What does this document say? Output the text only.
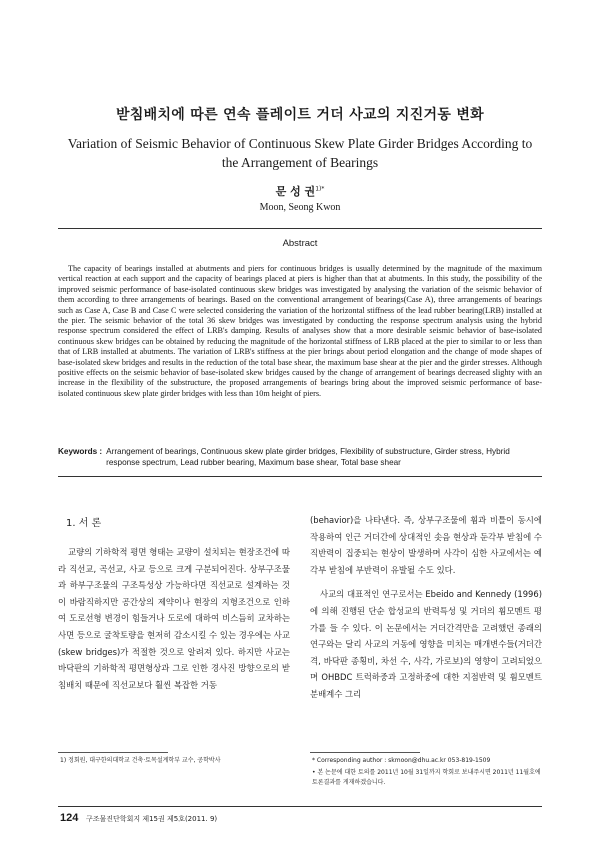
받침배치에 따른 연속 플레이트 거더 사교의 지진거동 변화
Variation of Seismic Behavior of Continuous Skew Plate Girder Bridges According to the Arrangement of Bearings
문 성 권$^{1)*}$
Moon, Seong Kwon
Abstract
The capacity of bearings installed at abutments and piers for continuous bridges is usually determined by the magnitude of the maximum vertical reaction at each support and the capacity of bearings placed at piers is higher than that at abutments. In this study, the possibility of the improved seismic performance of base-isolated continuous skew bridges was investigated by analysing the variation of the seismic behavior of them according to three arrangements of bearings. Based on the conventional arrangement of bearings(Case A), three arrangements of bearings such as Case A, Case B and Case C were selected considering the variation of the horizontal stiffness of the lead rubber bearing(LRB) installed at the pier. The seismic behavior of the total 36 skew bridges was investigated by conducting the response spectrum analysis using the hybrid response spectrum considered the effect of LRB's damping. Results of analyses show that a more desirable seismic behavior of base-isolated continuous skew bridges can be obtained by reducing the magnitude of the horizontal stiffness of LRB placed at the pier to similar to or less than that of LRB installed at abutments. The variation of LRB's stiffness at the pier brings about period elongation and the change of mode shapes of base-isolated skew bridges and results in the reduction of the total base shear, the maximum base shear at the pier and the girder stresses. Although positive effects on the seismic behavior of base-isolated skew bridges caused by the change of arrangement of bearings decreased slighty with an increase in the flexibility of the substructure, the proposed arrangements of bearings bring about the improved seismic performance of base-isolated continuous skew plate girder bridges with less than 10m height of piers.
Keywords : Arrangement of bearings, Continuous skew plate girder bridges, Flexibility of substructure, Girder stress, Hybrid response spectrum, Lead rubber bearing, Maximum base shear, Total base shear
1. 서 론

교량의 기하학적 평면 형태는 교량이 설치되는 현장조건에 따라 직선교, 곡선교, 사교 등으로 크게 구분되어진다. 상부구조물과 하부구조물의 구조특성상 가능하다면 직선교로 설계하는 것이 바람직하지만 공간상의 제약이나 현장의 지형조건으로 인하여 도로선형 변경이 힘들거나 도로에 대하여 비스듬히 교차하는 사면 등으로 굴착토량을 현저히 감소시킬 수 있는 경우에는 사교(skew bridges)가 적절한 것으로 알려져 있다. 하지만 사교는 바닥판의 기하학적 평면형상과 그로 인한 경사진 방향으로의 받침배치 때문에 직선교보다 훨씬 복잡한 거동

(behavior)을 나타낸다. 즉, 상부구조물에 휨과 비틀이 동시에 작용하여 인근 거더간에 상대적인 솟음 현상과 둔각부 받침에 수직반력이 집중되는 현상이 발생하며 사각이 심한 사교에서는 예각부 받침에 부반력이 유발될 수도 있다.

사교의 대표적인 연구로서는 Ebeido and Kennedy (1996)에 의해 진행된 단순 합성교의 반력특성 및 거더의 휨모멘트 평가를 들 수 있다. 이 논문에서는 거더간격만을 고려했던 종래의 연구와는 달리 사교의 거동에 영향을 미치는 매개변수들(거더간격, 바닥판 종횡비, 차선 수, 사각, 가로보)의 영향이 고려되었으며 OHBDC 트럭하중과 고정하중에 대한 지점반력 및 휨모멘트 분배계수 그리

1) 정회원, 대구한의대학교 건축·토목설계학부 교수, 공학박사	* Corresponding author : skmoon@dhu.ac.kr 053-819-1509
• 본 논문에 대한 토의를 2011년 10월 31일까지 학회로 보내주시면 2011년 11월호에 토론결과를 게재하겠습니다.
124 구조물진단학회지 제15권 제5호(2011. 9)
